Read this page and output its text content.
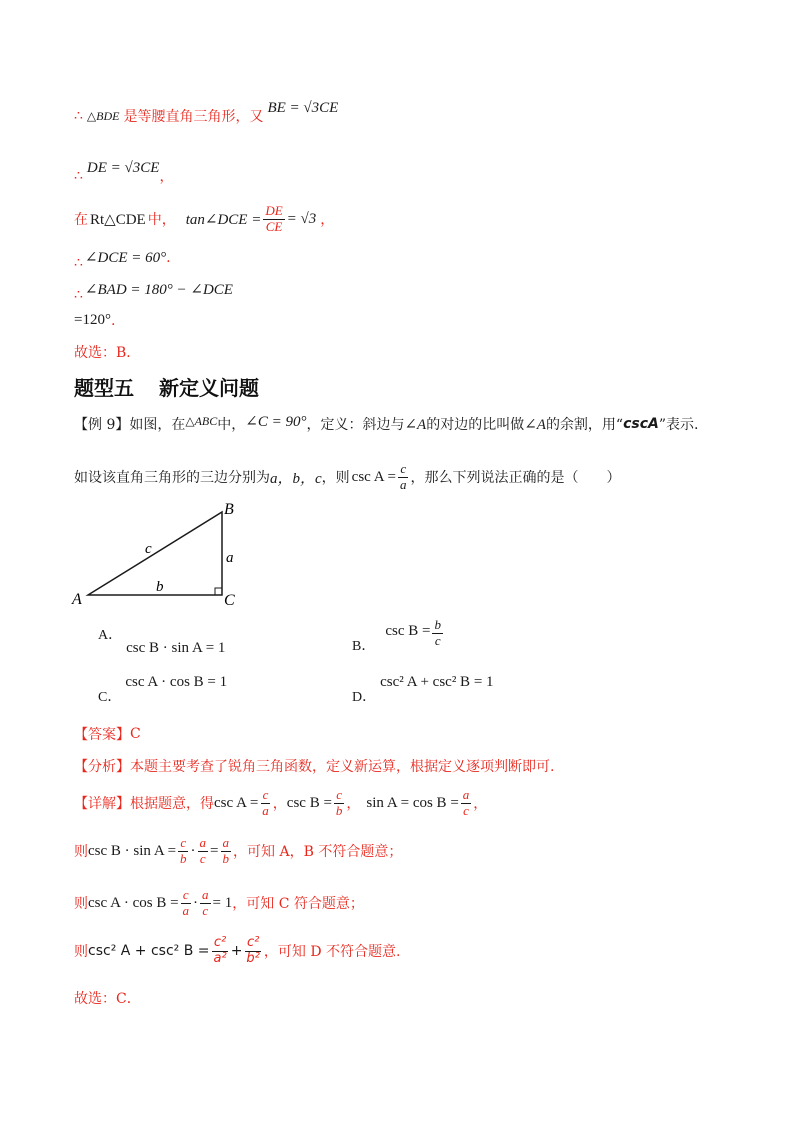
∴ △BDE 是等腰直角三角形，又
BE = √3CE
∴
DE = √3CE
，
在 Rt△CDE 中， tan∠DCE = $\frac{DE}{CE} = √3$ ，
∴ ∠DCE = 60° .
∴ ∠BAD = 180° − ∠DCE
=120° .
故选：B．
题型五 新定义问题
【例 9】 如图，在 △ABC 中， ∠C = 90° ，定义：斜边与 ∠A 的对边的比叫做 ∠A 的余割，用“ cscA ”表示.
如设该直角三角形的三边分别为 a，b，c ，则 $\csc A = \frac{c}{a}$ ，那么下列说法正确的是（　　）
A
B
C
a
b
c
A．
csc B · sin A = 1	B．
$\csc B = \frac{b}{c}$
C．
csc A · cos B = 1
D．
csc² A + csc² B = 1
【答案】 C
【分析】 本题主要考查了锐角三角函数，定义新运算，根据定义逐项判断即可.
【详解】 根据题意，得 $\csc A = \frac{c}{a}$ ， $\csc B = \frac{c}{b}$ ， $\sin A = \cos B = \frac{a}{c}$ ，
则 $\csc B \cdot \sin A = \frac{c}{b} \cdot \frac{a}{c} = \frac{a}{b}$ ，可知 A，B 不符合题意；
则 $\csc A \cdot \cos B = \frac{c}{a} \cdot \frac{a}{c} = 1$ ，可知 C 符合题意；
则 csc² A + csc² $B = \frac{\text{c²}}{\text{a²}} + \frac{\text{c²}}{\text{b²}}$ ，可知 D 不符合题意.
故选：C．
